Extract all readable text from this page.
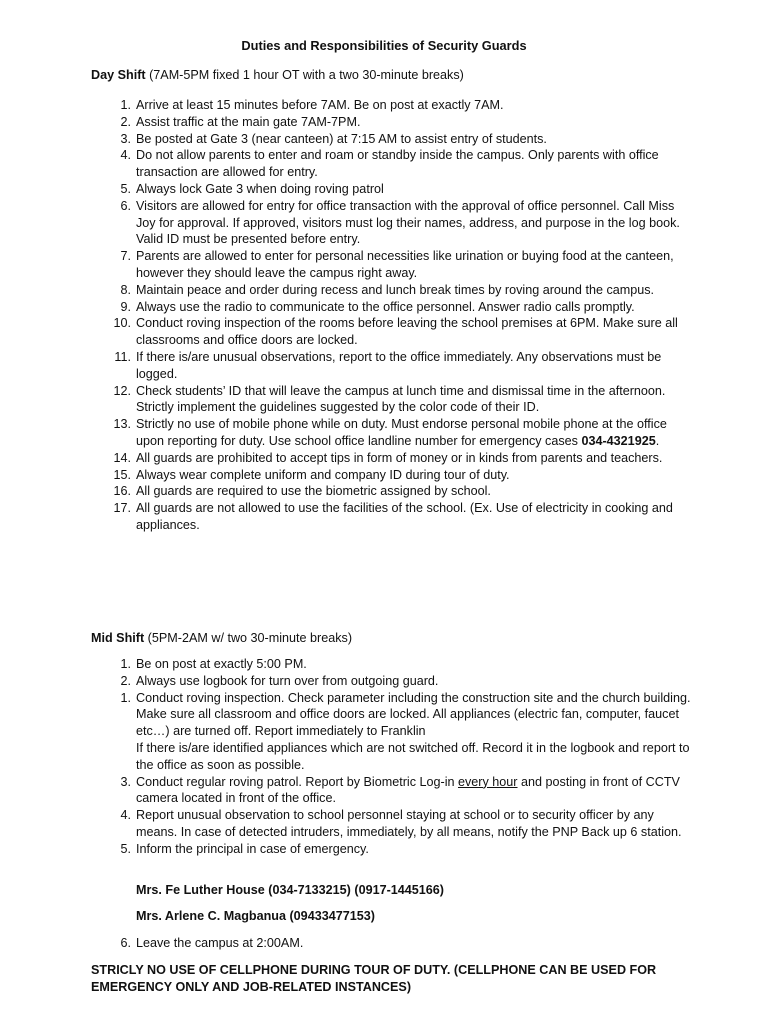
Duties and Responsibilities of Security Guards
Day Shift (7AM-5PM fixed 1 hour OT with a two 30-minute breaks)
1. Arrive at least 15 minutes before 7AM. Be on post at exactly 7AM.
2. Assist traffic at the main gate 7AM-7PM.
3. Be posted at Gate 3 (near canteen) at 7:15 AM to assist entry of students.
4. Do not allow parents to enter and roam or standby inside the campus. Only parents with office transaction are allowed for entry.
5. Always lock Gate 3 when doing roving patrol
6. Visitors are allowed for entry for office transaction with the approval of office personnel. Call Miss Joy for approval. If approved, visitors must log their names, address, and purpose in the log book. Valid ID must be presented before entry.
7. Parents are allowed to enter for personal necessities like urination or buying food at the canteen, however they should leave the campus right away.
8. Maintain peace and order during recess and lunch break times by roving around the campus.
9. Always use the radio to communicate to the office personnel. Answer radio calls promptly.
10. Conduct roving inspection of the rooms before leaving the school premises at 6PM. Make sure all classrooms and office doors are locked.
11. If there is/are unusual observations, report to the office immediately. Any observations must be logged.
12. Check students’ ID that will leave the campus at lunch time and dismissal time in the afternoon. Strictly implement the guidelines suggested by the color code of their ID.
13. Strictly no use of mobile phone while on duty. Must endorse personal mobile phone at the office upon reporting for duty. Use school office landline number for emergency cases 034-4321925.
14. All guards are prohibited to accept tips in form of money or in kinds from parents and teachers.
15. Always wear complete uniform and company ID during tour of duty.
16. All guards are required to use the biometric assigned by school.
17. All guards are not allowed to use the facilities of the school. (Ex. Use of electricity in cooking and appliances.
Mid Shift (5PM-2AM w/ two 30-minute breaks)
1. Be on post at exactly 5:00 PM.
2. Always use logbook for turn over from outgoing guard.
1. Conduct roving inspection. Check parameter including the construction site and the church building. Make sure all classroom and office doors are locked. All appliances (electric fan, computer, faucet etc…) are turned off. Report immediately to Franklin
If there is/are identified appliances which are not switched off. Record it in the logbook and report to the office as soon as possible.
3. Conduct regular roving patrol. Report by Biometric Log-in every hour and posting in front of CCTV camera located in front of the office.
4. Report unusual observation to school personnel staying at school or to security officer by any means. In case of detected intruders, immediately, by all means, notify the PNP Back up 6 station.
5. Inform the principal in case of emergency.
Mrs. Fe Luther House (034-7133215) (0917-1445166)
Mrs. Arlene C. Magbanua (09433477153)
6. Leave the campus at 2:00AM.
STRICLY NO USE OF CELLPHONE DURING TOUR OF DUTY. (CELLPHONE CAN BE USED FOR EMERGENCY ONLY AND JOB-RELATED INSTANCES)
